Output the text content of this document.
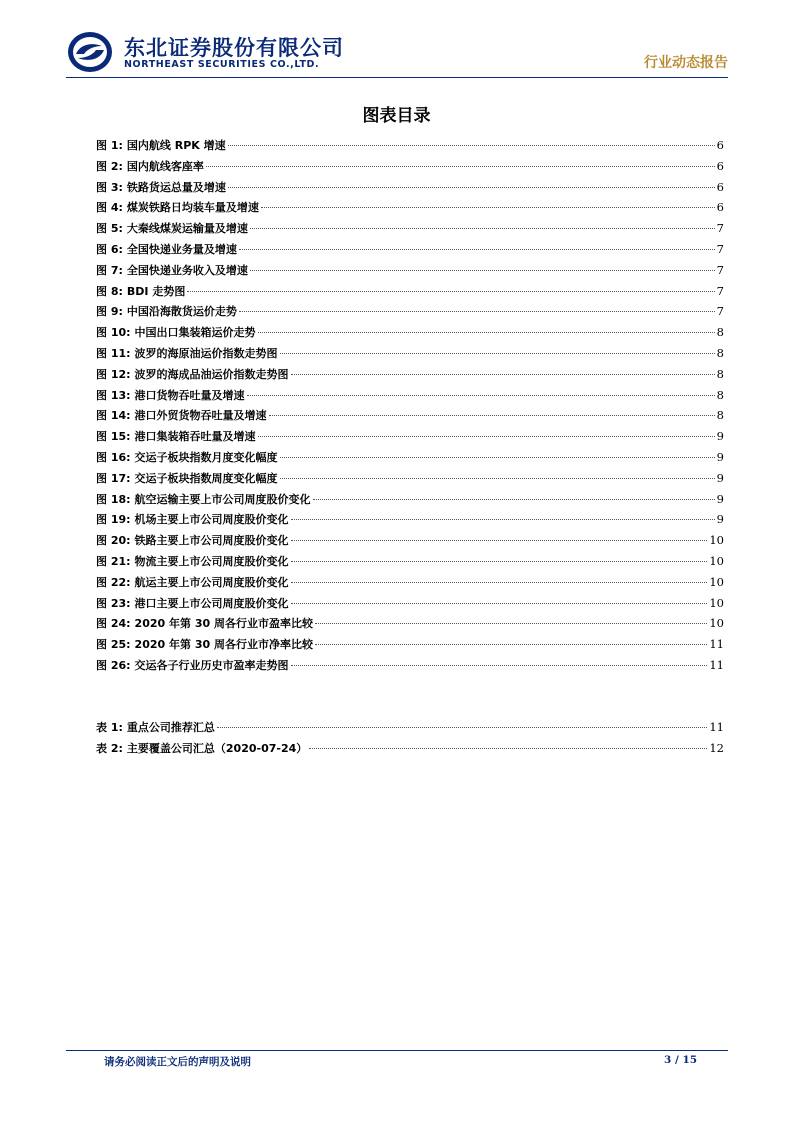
东北证券股份有限公司
NORTHEAST SECURITIES CO.,LTD.	行业动态报告
图表目录
图 1: 国内航线 RPK 增速	6
图 2: 国内航线客座率	6
图 3: 铁路货运总量及增速	6
图 4: 煤炭铁路日均装车量及增速	6
图 5: 大秦线煤炭运输量及增速	7
图 6: 全国快递业务量及增速	7
图 7: 全国快递业务收入及增速	7
图 8: BDI 走势图	7
图 9: 中国沿海散货运价走势	7
图 10: 中国出口集装箱运价走势	8
图 11: 波罗的海原油运价指数走势图	8
图 12: 波罗的海成品油运价指数走势图	8
图 13: 港口货物吞吐量及增速	8
图 14: 港口外贸货物吞吐量及增速	8
图 15: 港口集装箱吞吐量及增速	9
图 16: 交运子板块指数月度变化幅度	9
图 17: 交运子板块指数周度变化幅度	9
图 18: 航空运输主要上市公司周度股价变化	9
图 19: 机场主要上市公司周度股价变化	9
图 20: 铁路主要上市公司周度股价变化	10
图 21: 物流主要上市公司周度股价变化	10
图 22: 航运主要上市公司周度股价变化	10
图 23: 港口主要上市公司周度股价变化	10
图 24: 2020 年第 30 周各行业市盈率比较	10
图 25: 2020 年第 30 周各行业市净率比较	11
图 26: 交运各子行业历史市盈率走势图	11
表 1: 重点公司推荐汇总	11
表 2: 主要覆盖公司汇总（2020-07-24）	12
请务必阅读正文后的声明及说明	3 / 15
